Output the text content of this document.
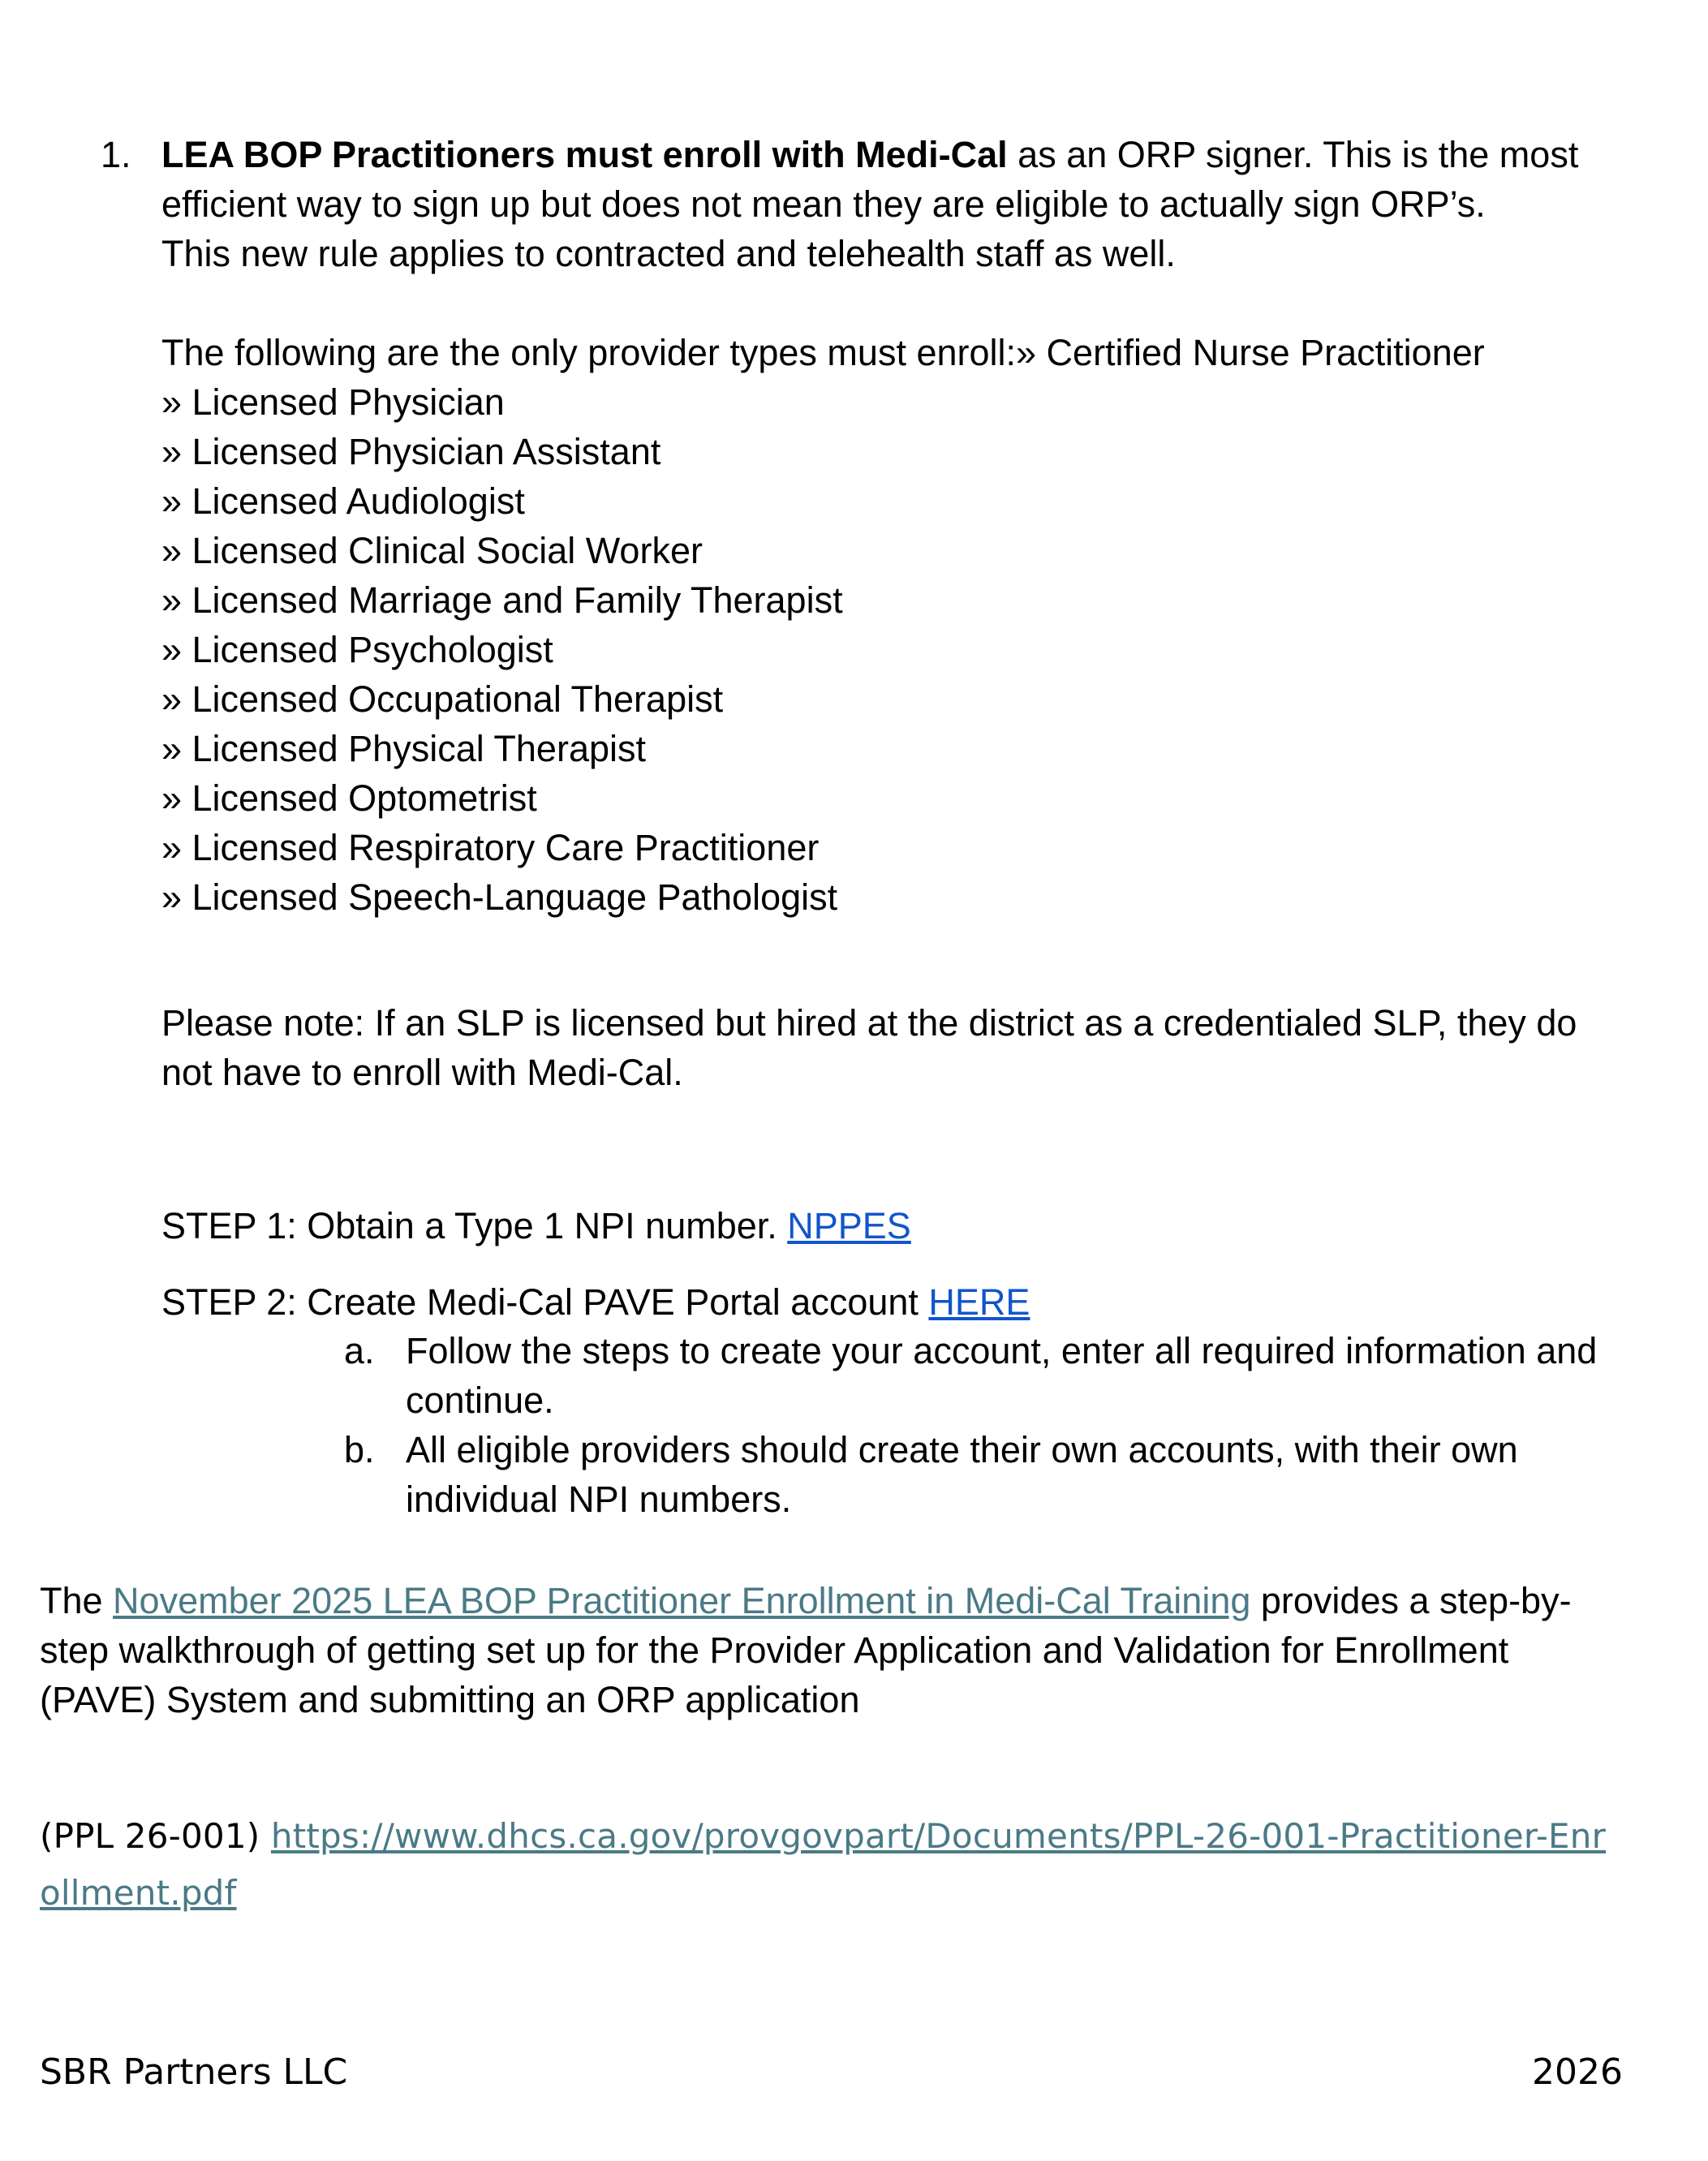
1. LEA BOP Practitioners must enroll with Medi-Cal as an ORP signer. This is the most efficient way to sign up but does not mean they are eligible to actually sign ORP’s.

This new rule applies to contracted and telehealth staff as well.

The following are the only provider types must enroll:» Certified Nurse Practitioner

» Licensed Physician

» Licensed Physician Assistant

» Licensed Audiologist

» Licensed Clinical Social Worker

» Licensed Marriage and Family Therapist

» Licensed Psychologist

» Licensed Occupational Therapist

» Licensed Physical Therapist

» Licensed Optometrist

» Licensed Respiratory Care Practitioner

» Licensed Speech-Language Pathologist

Please note: If an SLP is licensed but hired at the district as a credentialed SLP, they do not have to enroll with Medi-Cal.

STEP 1: Obtain a Type 1 NPI number. NPPES

STEP 2: Create Medi-Cal PAVE Portal account HERE

a. Follow the steps to create your account, enter all required information and continue.
b. All eligible providers should create their own accounts, with their own individual NPI numbers.

The November 2025 LEA BOP Practitioner Enrollment in Medi-Cal Training provides a step-by-step walkthrough of getting set up for the Provider Application and Validation for Enrollment (PAVE) System and submitting an ORP application

(PPL 26-001) https://www.dhcs.ca.gov/provgovpart/Documents/PPL-26-001-Practitioner-Enrollment.pdf

SBR Partners LLC	2026
